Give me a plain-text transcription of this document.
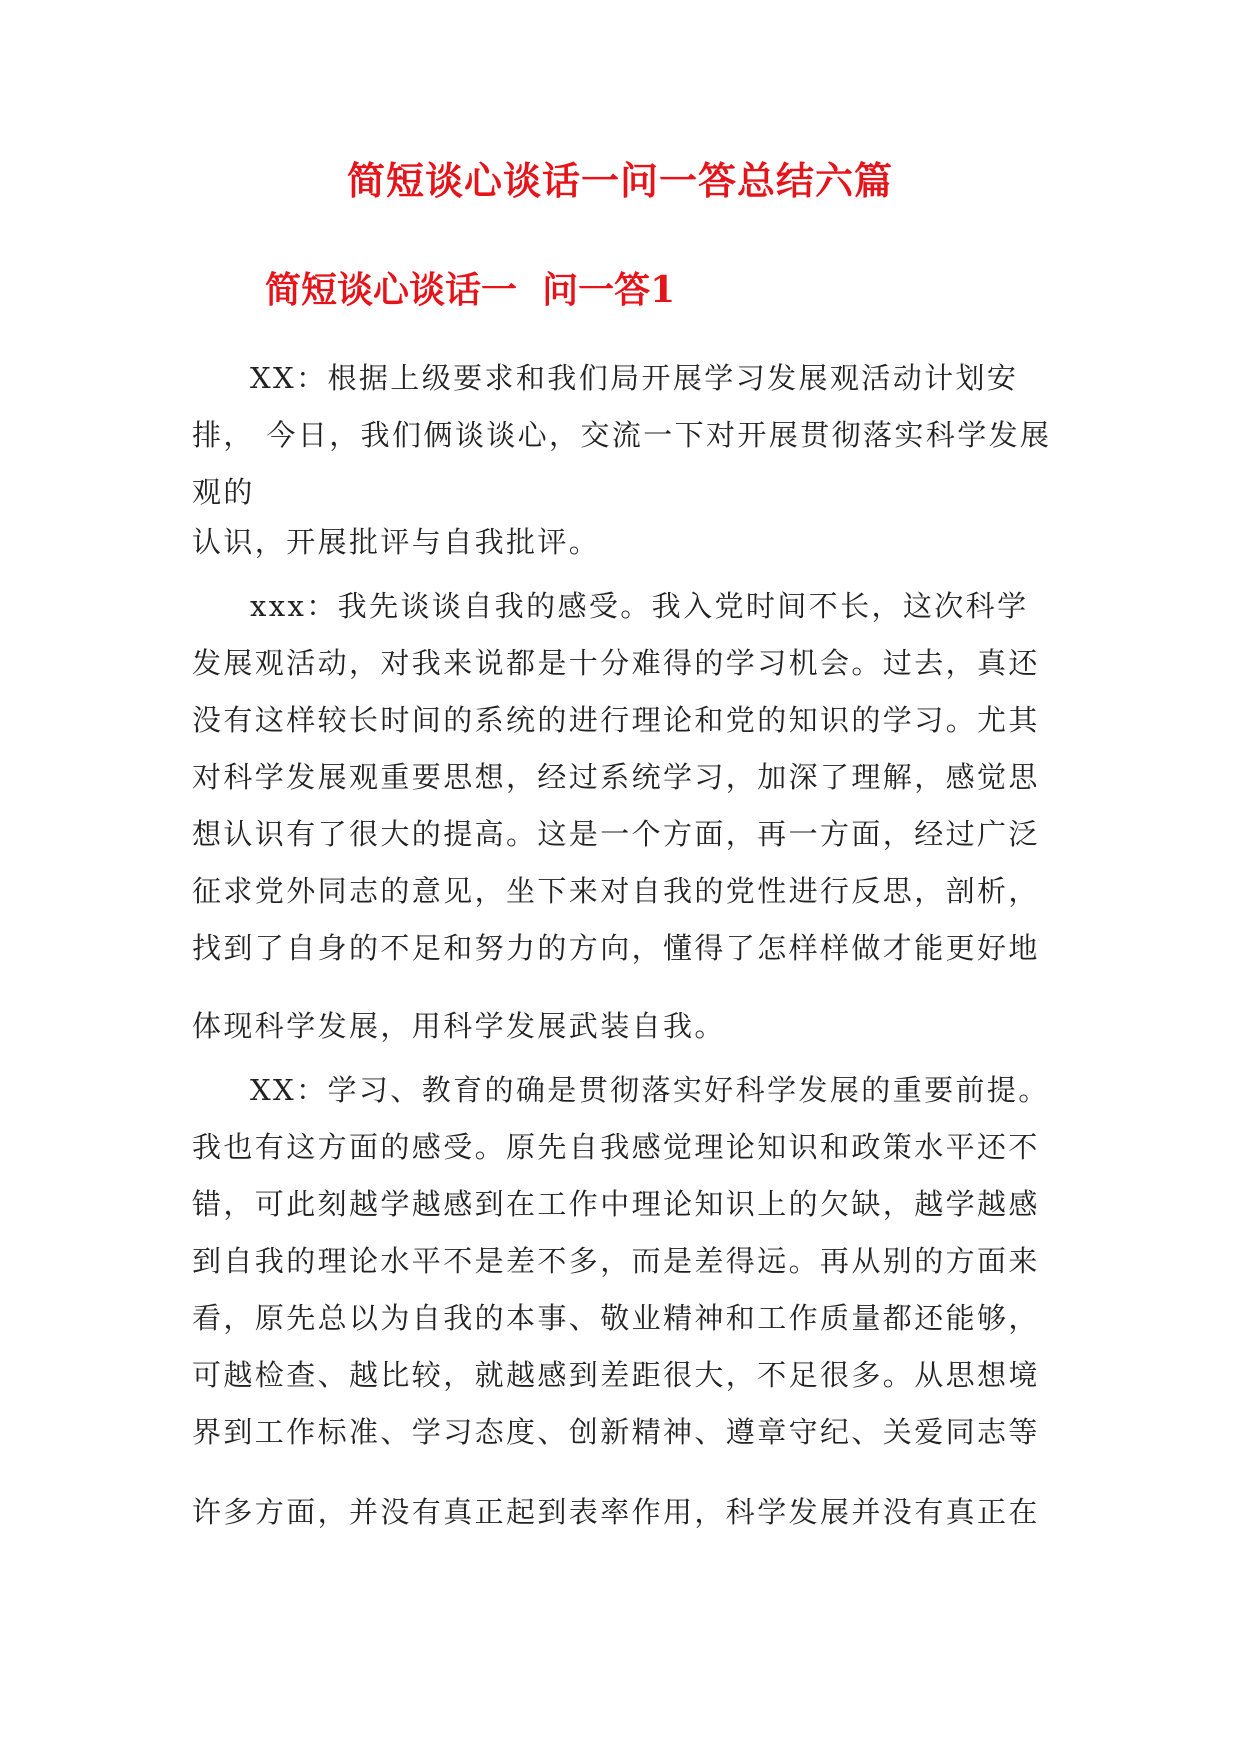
简短谈心谈话一问一答总结六篇
简短谈心谈话一  问一答1

XX：根据上级要求和我们局开展学习发展观活动计划安
排， 今日，我们俩谈谈心，交流一下对开展贯彻落实科学发展
观的

认识，开展批评与自我批评。

xxx：我先谈谈自我的感受。我入党时间不长，这次科学
发展观活动，对我来说都是十分难得的学习机会。过去，真还
没有这样较长时间的系统的进行理论和党的知识的学习。尤其
对科学发展观重要思想，经过系统学习，加深了理解，感觉思
想认识有了很大的提高。这是一个方面，再一方面，经过广泛
征求党外同志的意见，坐下来对自我的党性进行反思，剖析，
找到了自身的不足和努力的方向，懂得了怎样样做才能更好地

体现科学发展，用科学发展武装自我。

XX：学习、教育的确是贯彻落实好科学发展的重要前提。
我也有这方面的感受。原先自我感觉理论知识和政策水平还不
错，可此刻越学越感到在工作中理论知识上的欠缺，越学越感
到自我的理论水平不是差不多，而是差得远。再从别的方面来
看，原先总以为自我的本事、敬业精神和工作质量都还能够，
可越检查、越比较，就越感到差距很大，不足很多。从思想境
界到工作标准、学习态度、创新精神、遵章守纪、关爱同志等

许多方面，并没有真正起到表率作用，科学发展并没有真正在
